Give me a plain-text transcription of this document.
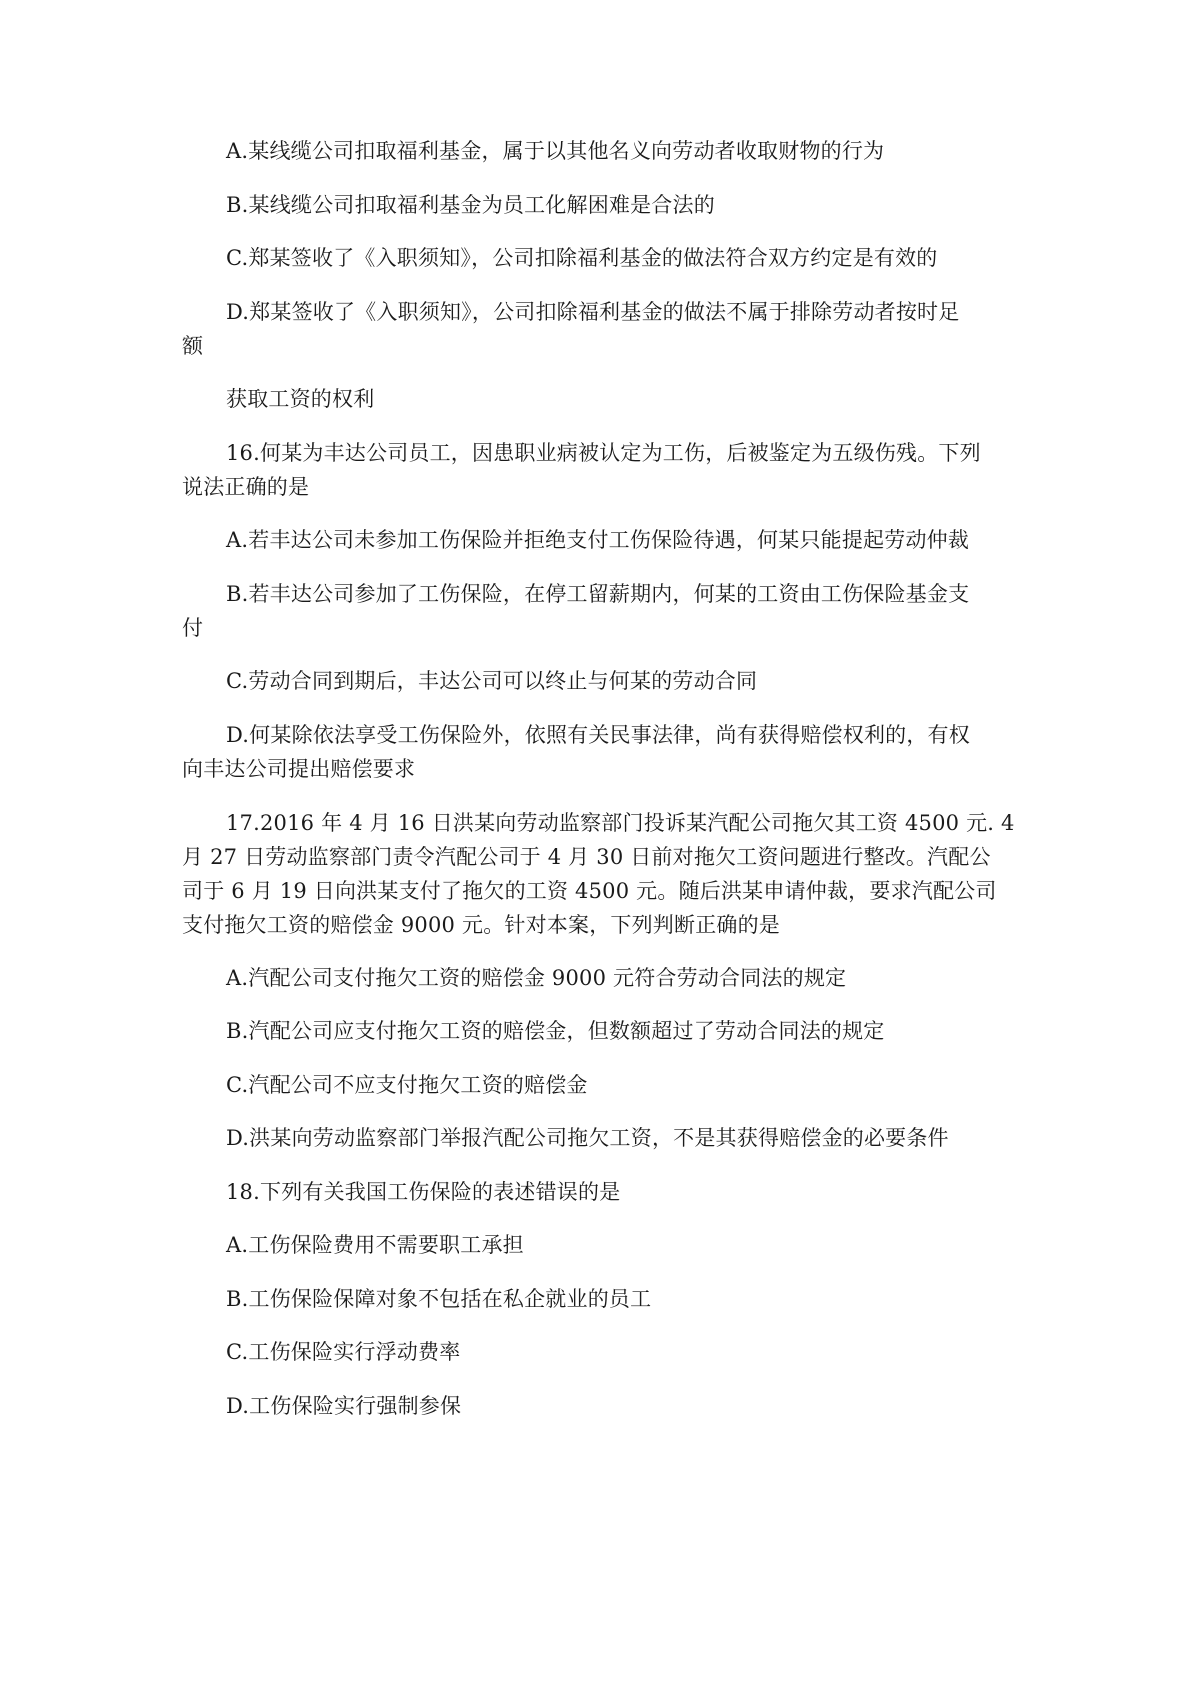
A.某线缆公司扣取福利基金，属于以其他名义向劳动者收取财物的行为
B.某线缆公司扣取福利基金为员工化解困难是合法的
C.郑某签收了《入职须知》，公司扣除福利基金的做法符合双方约定是有效的
D.郑某签收了《入职须知》，公司扣除福利基金的做法不属于排除劳动者按时足
额
获取工资的权利
16.何某为丰达公司员工，因患职业病被认定为工伤，后被鉴定为五级伤残。下列
说法正确的是
A.若丰达公司未参加工伤保险并拒绝支付工伤保险待遇，何某只能提起劳动仲裁
B.若丰达公司参加了工伤保险，在停工留薪期内，何某的工资由工伤保险基金支
付
C.劳动合同到期后，丰达公司可以终止与何某的劳动合同
D.何某除依法享受工伤保险外，依照有关民事法律，尚有获得赔偿权利的，有权
向丰达公司提出赔偿要求
17.2016 年 4 月 16 日洪某向劳动监察部门投诉某汽配公司拖欠其工资 4500 元. 4
月 27 日劳动监察部门责令汽配公司于 4 月 30 日前对拖欠工资问题进行整改。汽配公
司于 6 月 19 日向洪某支付了拖欠的工资 4500 元。随后洪某申请仲裁，要求汽配公司
支付拖欠工资的赔偿金 9000 元。针对本案，下列判断正确的是
A.汽配公司支付拖欠工资的赔偿金 9000 元符合劳动合同法的规定
B.汽配公司应支付拖欠工资的赔偿金，但数额超过了劳动合同法的规定
C.汽配公司不应支付拖欠工资的赔偿金
D.洪某向劳动监察部门举报汽配公司拖欠工资，不是其获得赔偿金的必要条件
18.下列有关我国工伤保险的表述错误的是
A.工伤保险费用不需要职工承担
B.工伤保险保障对象不包括在私企就业的员工
C.工伤保险实行浮动费率
D.工伤保险实行强制参保
